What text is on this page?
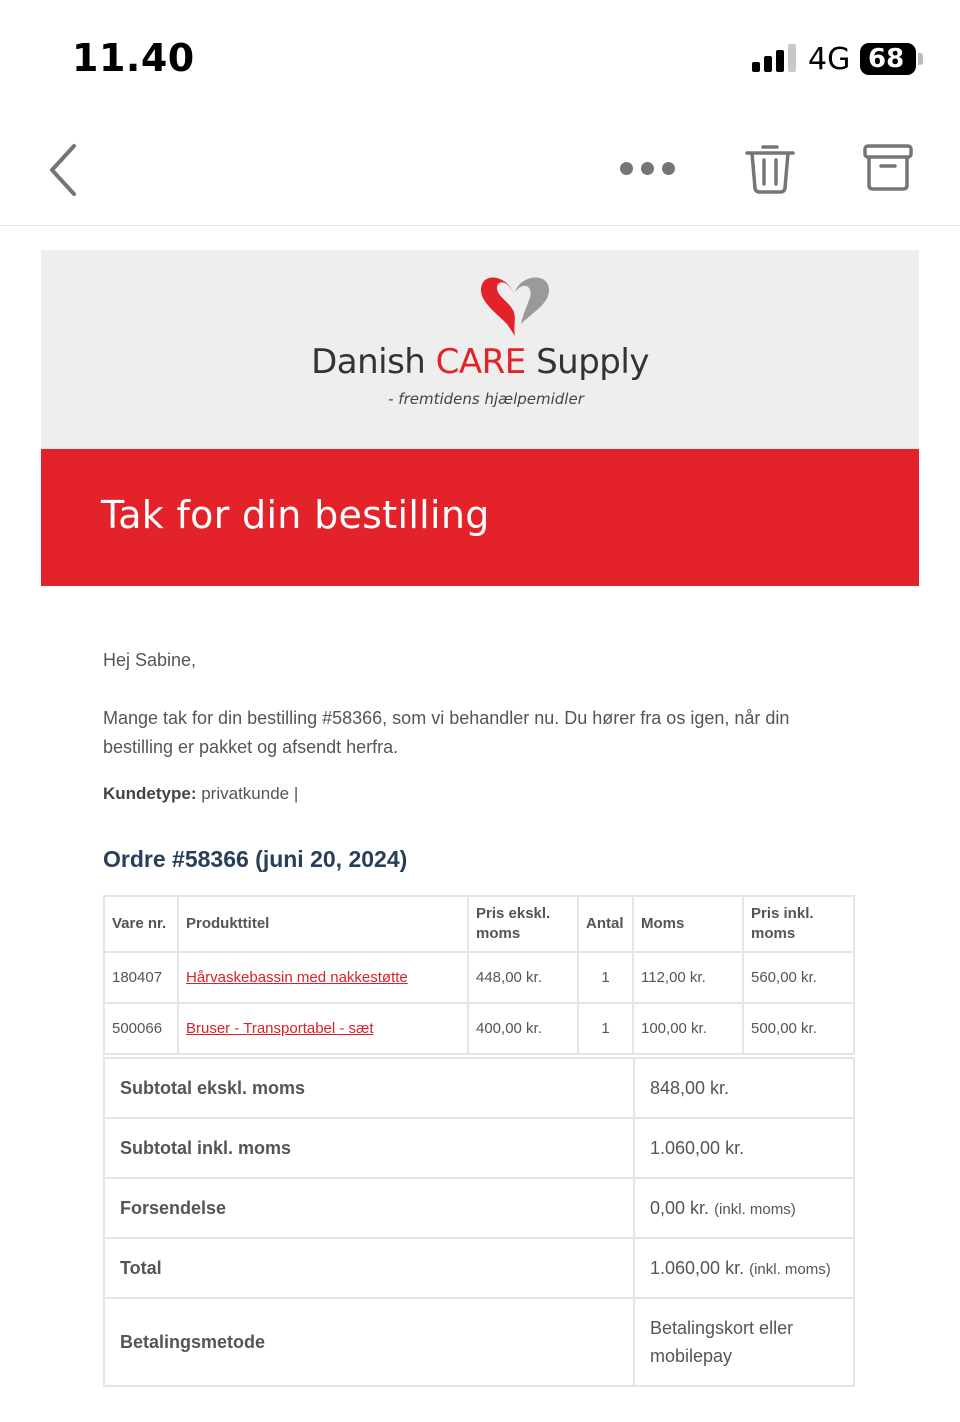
11.40	4G 68
Danish CARE Supply
- fremtidens hjælpemidler
Tak for din bestilling

Hej Sabine,

Mange tak for din bestilling #58366, som vi behandler nu. Du hører fra os igen, når din bestilling er pakket og afsendt herfra.

Kundetype: privatkunde |

Ordre #58366 (juni 20, 2024)
Vare nr.	Produkttitel	Pris ekskl. moms	Antal	Moms	Pris inkl. moms
180407	Hårvaskebassin med nakkestøtte	448,00 kr.	1	112,00 kr.	560,00 kr.
500066	Bruser - Transportabel - sæt	400,00 kr.	1	100,00 kr.	500,00 kr.
Subtotal ekskl. moms	848,00 kr.
Subtotal inkl. moms	1.060,00 kr.
Forsendelse	0,00 kr. (inkl. moms)
Total	1.060,00 kr. (inkl. moms)
Betalingsmetode	Betalingskort eller mobilepay
